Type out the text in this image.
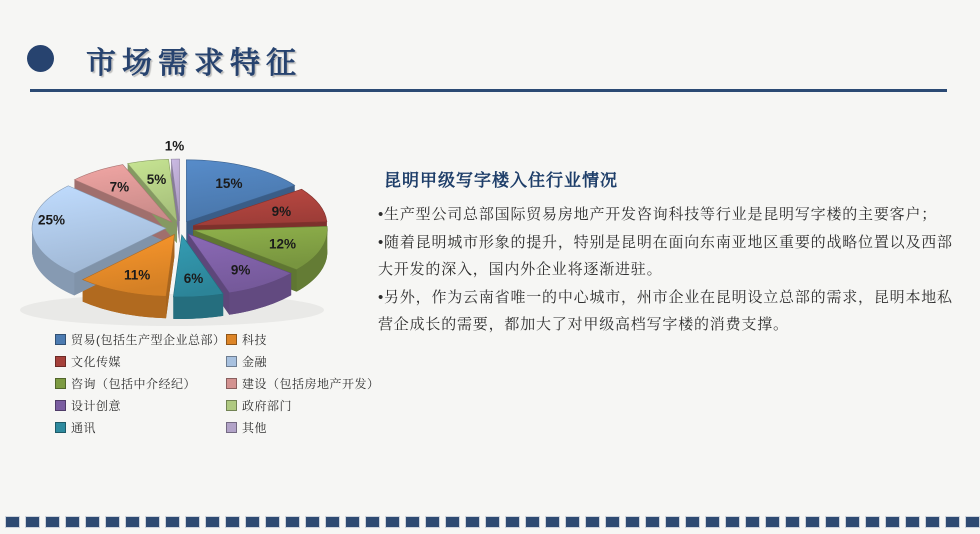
市场需求特征
15%
9%
12%
9%
6%
11%
25%
7%
5%
1%
贸易(包括生产型企业总部）
文化传媒
咨询（包括中介经纪）
设计创意
通讯
科技
金融
建设（包括房地产开发）
政府部门
其他
昆明甲级写字楼入住行业情况

•生产型公司总部国际贸易房地产开发咨询科技等行业是昆明写字楼的主要客户；

•随着昆明城市形象的提升，特别是昆明在面向东南亚地区重要的战略位置以及西部大开发的深入，国内外企业将逐渐进驻。

•另外，作为云南省唯一的中心城市，州市企业在昆明设立总部的需求，昆明本地私营企成长的需要，都加大了对甲级高档写字楼的消费支撑。
